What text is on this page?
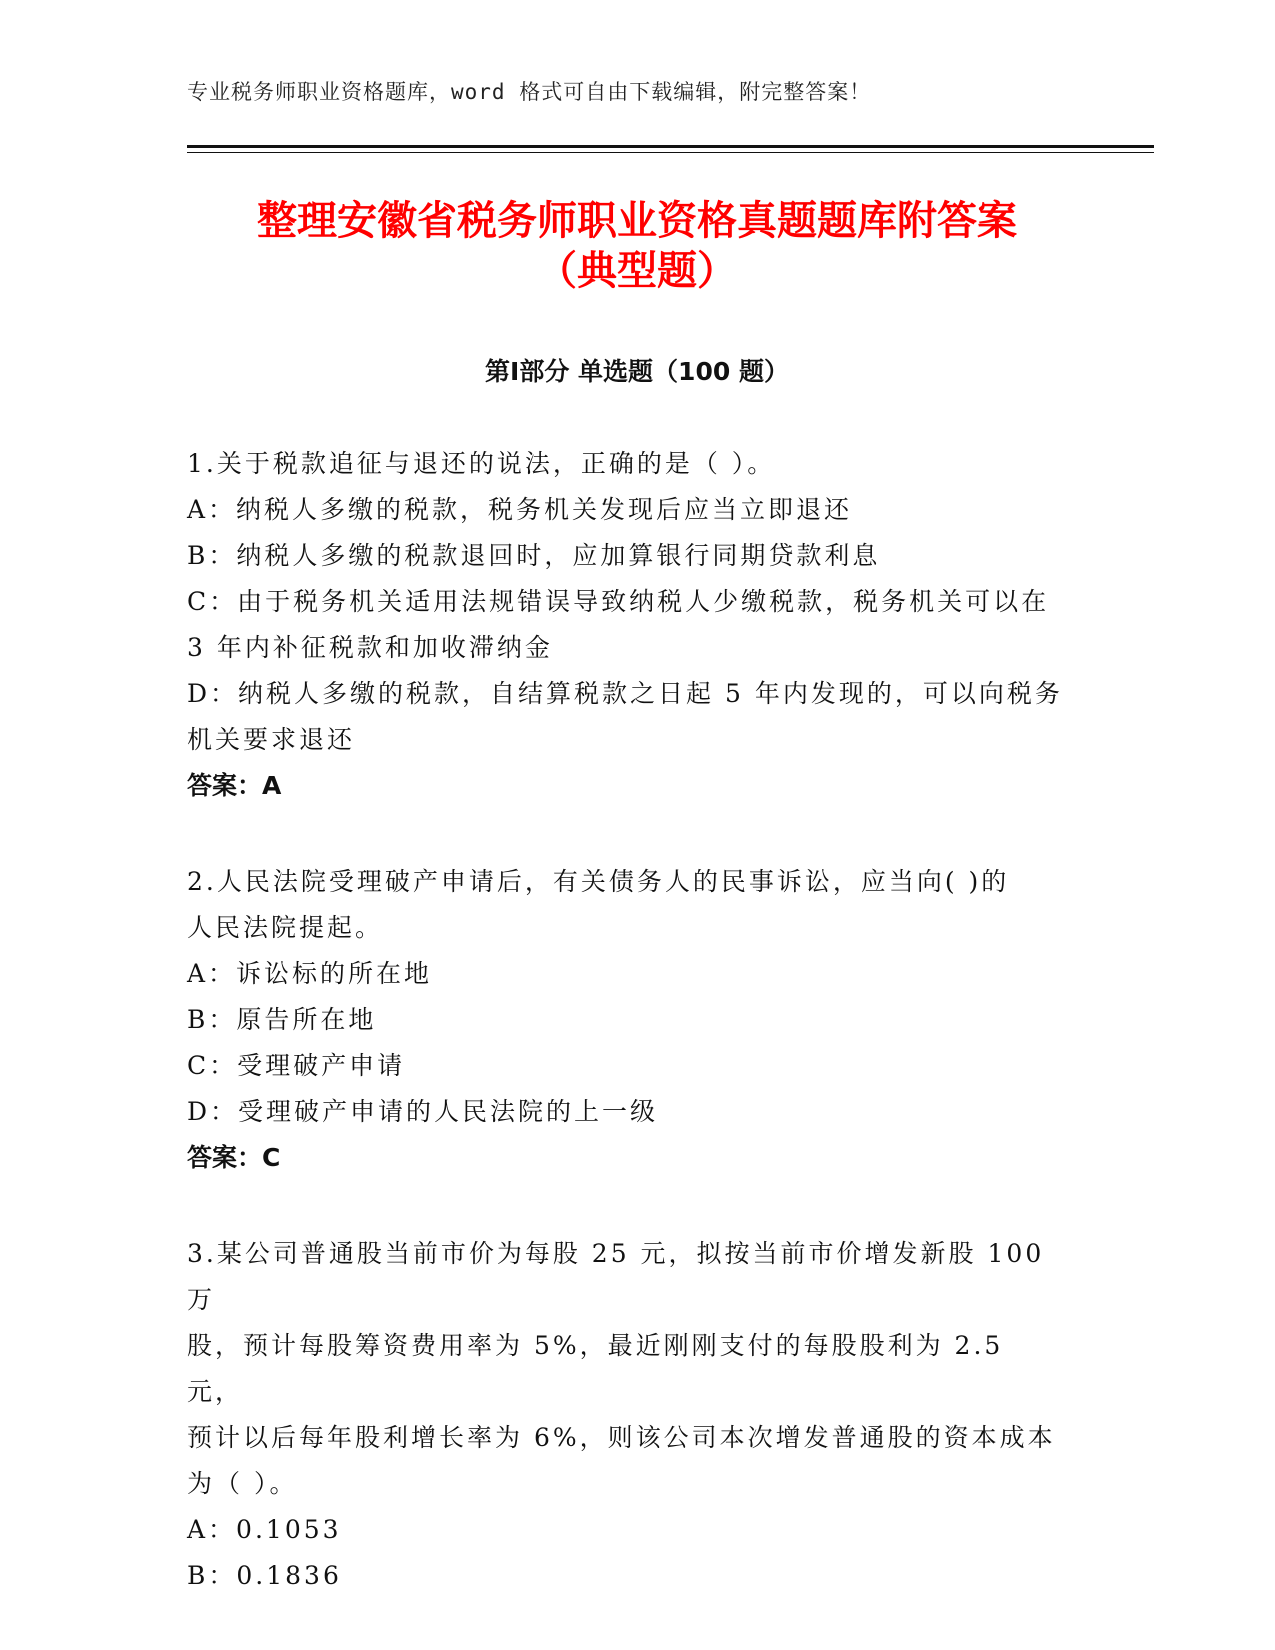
专业税务师职业资格题库，word 格式可自由下载编辑，附完整答案！
整理安徽省税务师职业资格真题题库附答案
（典型题）
第Ⅰ部分 单选题（100 题）
1.关于税款追征与退还的说法，正确的是（ ）。
A：纳税人多缴的税款，税务机关发现后应当立即退还
B：纳税人多缴的税款退回时，应加算银行同期贷款利息
C：由于税务机关适用法规错误导致纳税人少缴税款，税务机关可以在
3 年内补征税款和加收滞纳金
D：纳税人多缴的税款，自结算税款之日起 5 年内发现的，可以向税务
机关要求退还
答案：A
2.人民法院受理破产申请后，有关债务人的民事诉讼，应当向( )的
人民法院提起。
A：诉讼标的所在地
B：原告所在地
C：受理破产申请
D：受理破产申请的人民法院的上一级
答案：C
3.某公司普通股当前市价为每股 25 元，拟按当前市价增发新股 100 万
股，预计每股筹资费用率为 5%，最近刚刚支付的每股股利为 2.5 元，
预计以后每年股利增长率为 6%，则该公司本次增发普通股的资本成本
为（ ）。
A：0.1053
B：0.1836
